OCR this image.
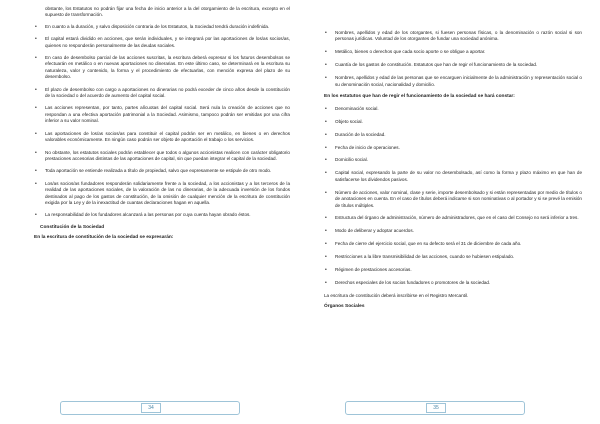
obstante, los Estatutos no podrán fijar una fecha de inicio anterior a la del otorgamiento de la escritura, excepto en el supuesto de transformación.

• En cuanto a la duración, y salvo disposición contraria de los Estatutos, la Sociedad tendrá duración indefinida.
• El capital estará dividido en acciones, que serán individuales, y se integrará por las aportaciones de los/as socios/as, quienes no responderán personalmente de las deudas sociales.
• En caso de desembolso parcial de las acciones suscritas, la escritura deberá expresar si los futuros desembolsos se efectuarán en metálico o en nuevas aportaciones no dinerarias. En este último caso, se determinará en la escritura su naturaleza, valor y contenido, la forma y el procedimiento de efectuarlas, con mención expresa del plazo de su desembolso.
• El plazo de desembolso con cargo a aportaciones no dinerarias no podrá exceder de cinco años desde la constitución de la sociedad o del acuerdo de aumento del capital social.
• Las acciones representan, por tanto, partes alícuotas del capital social. Será nula la creación de acciones que no respondan a una efectiva aportación patrimonial a la Sociedad. Asimismo, tampoco podrán ser emitidas por una cifra inferior a su valor nominal.
• Las aportaciones de los/as socios/as para constituir el capital podrán ser en metálico, en bienes o en derechos valorables económicamente. En ningún caso podrán ser objeto de aportación el trabajo o los servicios.
• No obstante, los estatutos sociales podrán establecer que todos o algunos accionistas realicen con carácter obligatorio prestaciones accesorias distintas de las aportaciones de capital, sin que puedan integrar el capital de la sociedad.
• Toda aportación se entiende realizada a título de propiedad, salvo que expresamente se estipule de otro modo.
• Los/as socios/as fundadores responderán solidariamente frente a la sociedad, a los accionistas y a los terceros de la realidad de las aportaciones sociales, de la valoración de las no dinerarias, de la adecuada inversión de los fondos destinados al pago de los gastos de constitución, de la omisión de cualquier mención de la escritura de constitución exigida por la Ley y de la inexactitud de cuantas declaraciones hagan en aquella.
• La responsabilidad de los fundadores alcanzará a las personas por cuya cuenta hayan obrado éstos.
Constitución de la Sociedad
En la escritura de constitución de la sociedad se expresarán:
• Nombres, apellidos y edad de los otorgantes, si fuesen personas físicas, o la denominación o razón social si son personas jurídicas. Voluntad de los otorgantes de fundar una sociedad anónima.
• Metálico, bienes o derechos que cada socio aporte o se obligue a aportar.
• Cuantía de los gastos de constitución. Estatutos que han de regir el funcionamiento de la sociedad.
• Nombres, apellidos y edad de las personas que se encarguen inicialmente de la administración y representación social o su denominación social, nacionalidad y domicilio.
En los estatutos que han de regir el funcionamiento de la sociedad se hará constar:
• Denominación social.
• Objeto social.
• Duración de la sociedad.
• Fecha de inicio de operaciones.
• Domicilio social.
• Capital social, expresando la parte de su valor no desembolsado, así como la forma y plazo máximo en que han de satisfacerse los dividendos pasivos.
• Número de acciones, valor nominal, clase y serie, importe desembolsado y si están representadas por medio de títulos o de anotaciones en cuenta. En el caso de títulos deberá indicarse si son nominativas o al portador y si se prevé la emisión de títulos múltiples.
• Estructura del órgano de administración, número de administradores, que en el caso del Consejo no será inferior a tres.
• Modo de deliberar y adoptar acuerdos.
• Fecha de cierre del ejercicio social, que en su defecto será el 31 de diciembre de cada año.
• Restricciones a la libre transmisibilidad de las acciones, cuando se hubiesen estipulado.
• Régimen de prestaciones accesorias.
• Derechos especiales de los socios fundadores o promotores de la sociedad.

La escritura de constitución deberá inscribirse en el Registro Mercantil.

Órganos Sociales
34	35
